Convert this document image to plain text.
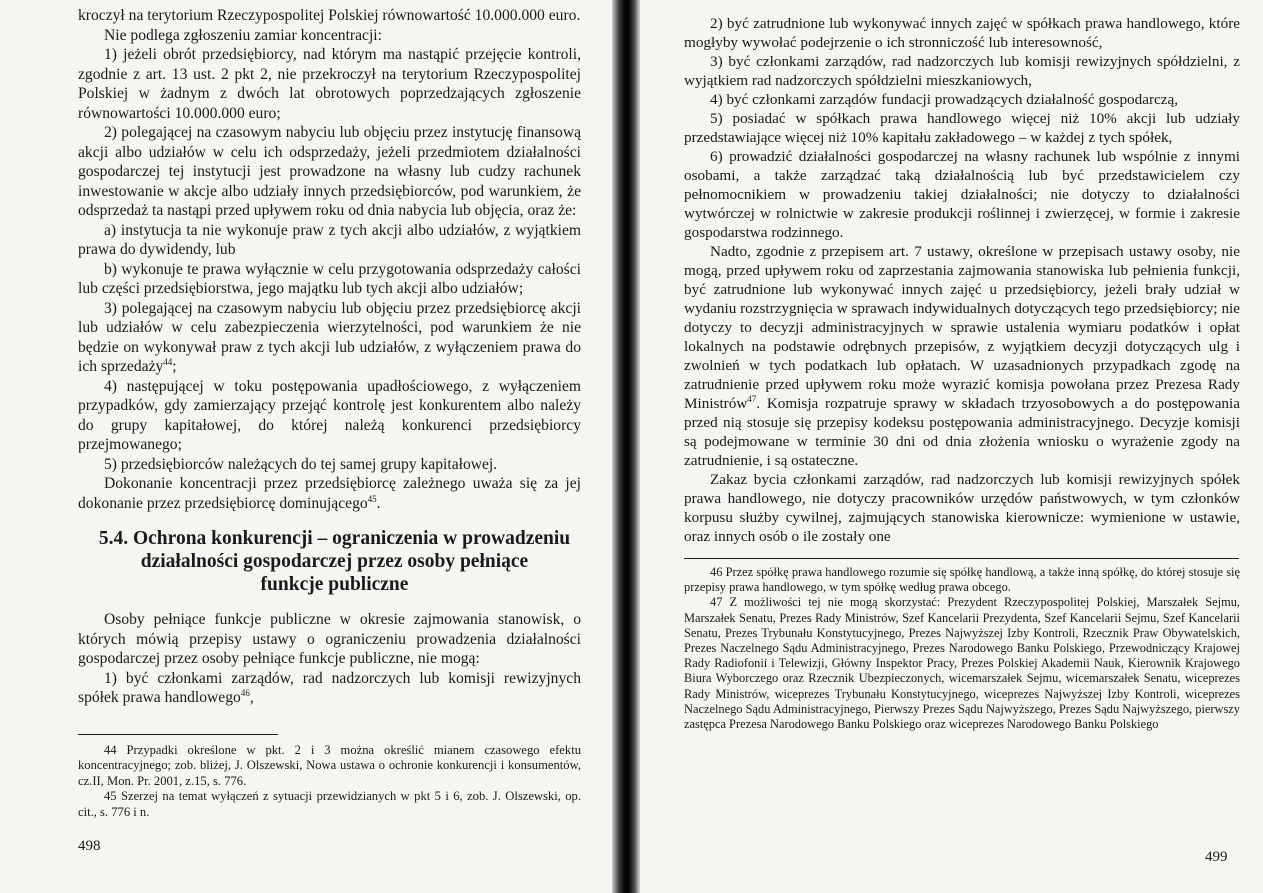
kroczył na terytorium Rzeczypospolitej Polskiej równowartość 10.000.000 euro.

Nie podlega zgłoszeniu zamiar koncentracji:

1) jeżeli obrót przedsiębiorcy, nad którym ma nastąpić przejęcie kontroli, zgodnie z art. 13 ust. 2 pkt 2, nie przekroczył na terytorium Rzeczypospolitej Polskiej w żadnym z dwóch lat obrotowych poprzedzających zgłoszenie równowartości 10.000.000 euro;

2) polegającej na czasowym nabyciu lub objęciu przez instytucję finansową akcji albo udziałów w celu ich odsprzedaży, jeżeli przedmiotem działalności gospodarczej tej instytucji jest prowadzone na własny lub cudzy rachunek inwestowanie w akcje albo udziały innych przedsiębiorców, pod warunkiem, że odsprzedaż ta nastąpi przed upływem roku od dnia nabycia lub objęcia, oraz że:

a) instytucja ta nie wykonuje praw z tych akcji albo udziałów, z wyjątkiem prawa do dywidendy, lub

b) wykonuje te prawa wyłącznie w celu przygotowania odsprzedaży całości lub części przedsiębiorstwa, jego majątku lub tych akcji albo udziałów;

3) polegającej na czasowym nabyciu lub objęciu przez przedsiębiorcę akcji lub udziałów w celu zabezpieczenia wierzytelności, pod warunkiem że nie będzie on wykonywał praw z tych akcji lub udziałów, z wyłączeniem prawa do ich sprzedaży$^{44}$;

4) następującej w toku postępowania upadłościowego, z wyłączeniem przypadków, gdy zamierzający przejąć kontrolę jest konkurentem albo należy do grupy kapitałowej, do której należą konkurenci przedsiębiorcy przejmowanego;

5) przedsiębiorców należących do tej samej grupy kapitałowej.

Dokonanie koncentracji przez przedsiębiorcę zależnego uważa się za jej dokonanie przez przedsiębiorcę dominującego$^{45}$.

5.4. Ochrona konkurencji – ograniczenia w prowadzeniu
działalności gospodarczej przez osoby pełniące
funkcje publiczne

Osoby pełniące funkcje publiczne w okresie zajmowania stanowisk, o których mówią przepisy ustawy o ograniczeniu prowadzenia działalności gospodarczej przez osoby pełniące funkcje publiczne, nie mogą:

1) być członkami zarządów, rad nadzorczych lub komisji rewizyjnych spółek prawa handlowego$^{46}$,

44 Przypadki określone w pkt. 2 i 3 można określić mianem czasowego efektu koncentracyjnego; zob. bliżej, J. Olszewski, Nowa ustawa o ochronie konkurencji i konsumentów, cz.II, Mon. Pr. 2001, z.15, s. 776.

45 Szerzej na temat wyłączeń z sytuacji przewidzianych w pkt 5 i 6, zob. J. Olszewski, op. cit., s. 776 i n.

498

2) być zatrudnione lub wykonywać innych zajęć w spółkach prawa handlowego, które mogłyby wywołać podejrzenie o ich stronniczość lub interesowność,

3) być członkami zarządów, rad nadzorczych lub komisji rewizyjnych spółdzielni, z wyjątkiem rad nadzorczych spółdzielni mieszkaniowych,

4) być członkami zarządów fundacji prowadzących działalność gospodarczą,

5) posiadać w spółkach prawa handlowego więcej niż 10% akcji lub udziały przedstawiające więcej niż 10% kapitału zakładowego – w każdej z tych spółek,

6) prowadzić działalności gospodarczej na własny rachunek lub wspólnie z innymi osobami, a także zarządzać taką działalnością lub być przedstawicielem czy pełnomocnikiem w prowadzeniu takiej działalności; nie dotyczy to działalności wytwórczej w rolnictwie w zakresie produkcji roślinnej i zwierzęcej, w formie i zakresie gospodarstwa rodzinnego.

Nadto, zgodnie z przepisem art. 7 ustawy, określone w przepisach ustawy osoby, nie mogą, przed upływem roku od zaprzestania zajmowania stanowiska lub pełnienia funkcji, być zatrudnione lub wykonywać innych zajęć u przedsiębiorcy, jeżeli brały udział w wydaniu rozstrzygnięcia w sprawach indywidualnych dotyczących tego przedsiębiorcy; nie dotyczy to decyzji administracyjnych w sprawie ustalenia wymiaru podatków i opłat lokalnych na podstawie odrębnych przepisów, z wyjątkiem decyzji dotyczących ulg i zwolnień w tych podatkach lub opłatach. W uzasadnionych przypadkach zgodę na zatrudnienie przed upływem roku może wyrazić komisja powołana przez Prezesa Rady Ministrów$^{47}$. Komisja rozpatruje sprawy w składach trzyosobowych a do postępowania przed nią stosuje się przepisy kodeksu postępowania administracyjnego. Decyzje komisji są podejmowane w terminie 30 dni od dnia złożenia wniosku o wyrażenie zgody na zatrudnienie, i są ostateczne.

Zakaz bycia członkami zarządów, rad nadzorczych lub komisji rewizyjnych spółek prawa handlowego, nie dotyczy pracowników urzędów państwowych, w tym członków korpusu służby cywilnej, zajmujących stanowiska kierownicze: wymienione w ustawie, oraz innych osób o ile zostały one

46 Przez spółkę prawa handlowego rozumie się spółkę handlową, a także inną spółkę, do której stosuje się przepisy prawa handlowego, w tym spółkę według prawa obcego.

47 Z możliwości tej nie mogą skorzystać: Prezydent Rzeczypospolitej Polskiej, Marszałek Sejmu, Marszałek Senatu, Prezes Rady Ministrów, Szef Kancelarii Prezydenta, Szef Kancelarii Sejmu, Szef Kancelarii Senatu, Prezes Trybunału Konstytucyjnego, Prezes Najwyższej Izby Kontroli, Rzecznik Praw Obywatelskich, Prezes Naczelnego Sądu Administracyjnego, Prezes Narodowego Banku Polskiego, Przewodniczący Krajowej Rady Radiofonii i Telewizji, Główny Inspektor Pracy, Prezes Polskiej Akademii Nauk, Kierownik Krajowego Biura Wyborczego oraz Rzecznik Ubezpieczonych, wicemarszałek Sejmu, wicemarszałek Senatu, wiceprezes Rady Ministrów, wiceprezes Trybunału Konstytucyjnego, wiceprezes Najwyższej Izby Kontroli, wiceprezes Naczelnego Sądu Administracyjnego, Pierwszy Prezes Sądu Najwyższego, Prezes Sądu Najwyższego, pierwszy zastępca Prezesa Narodowego Banku Polskiego oraz wiceprezes Narodowego Banku Polskiego

499
